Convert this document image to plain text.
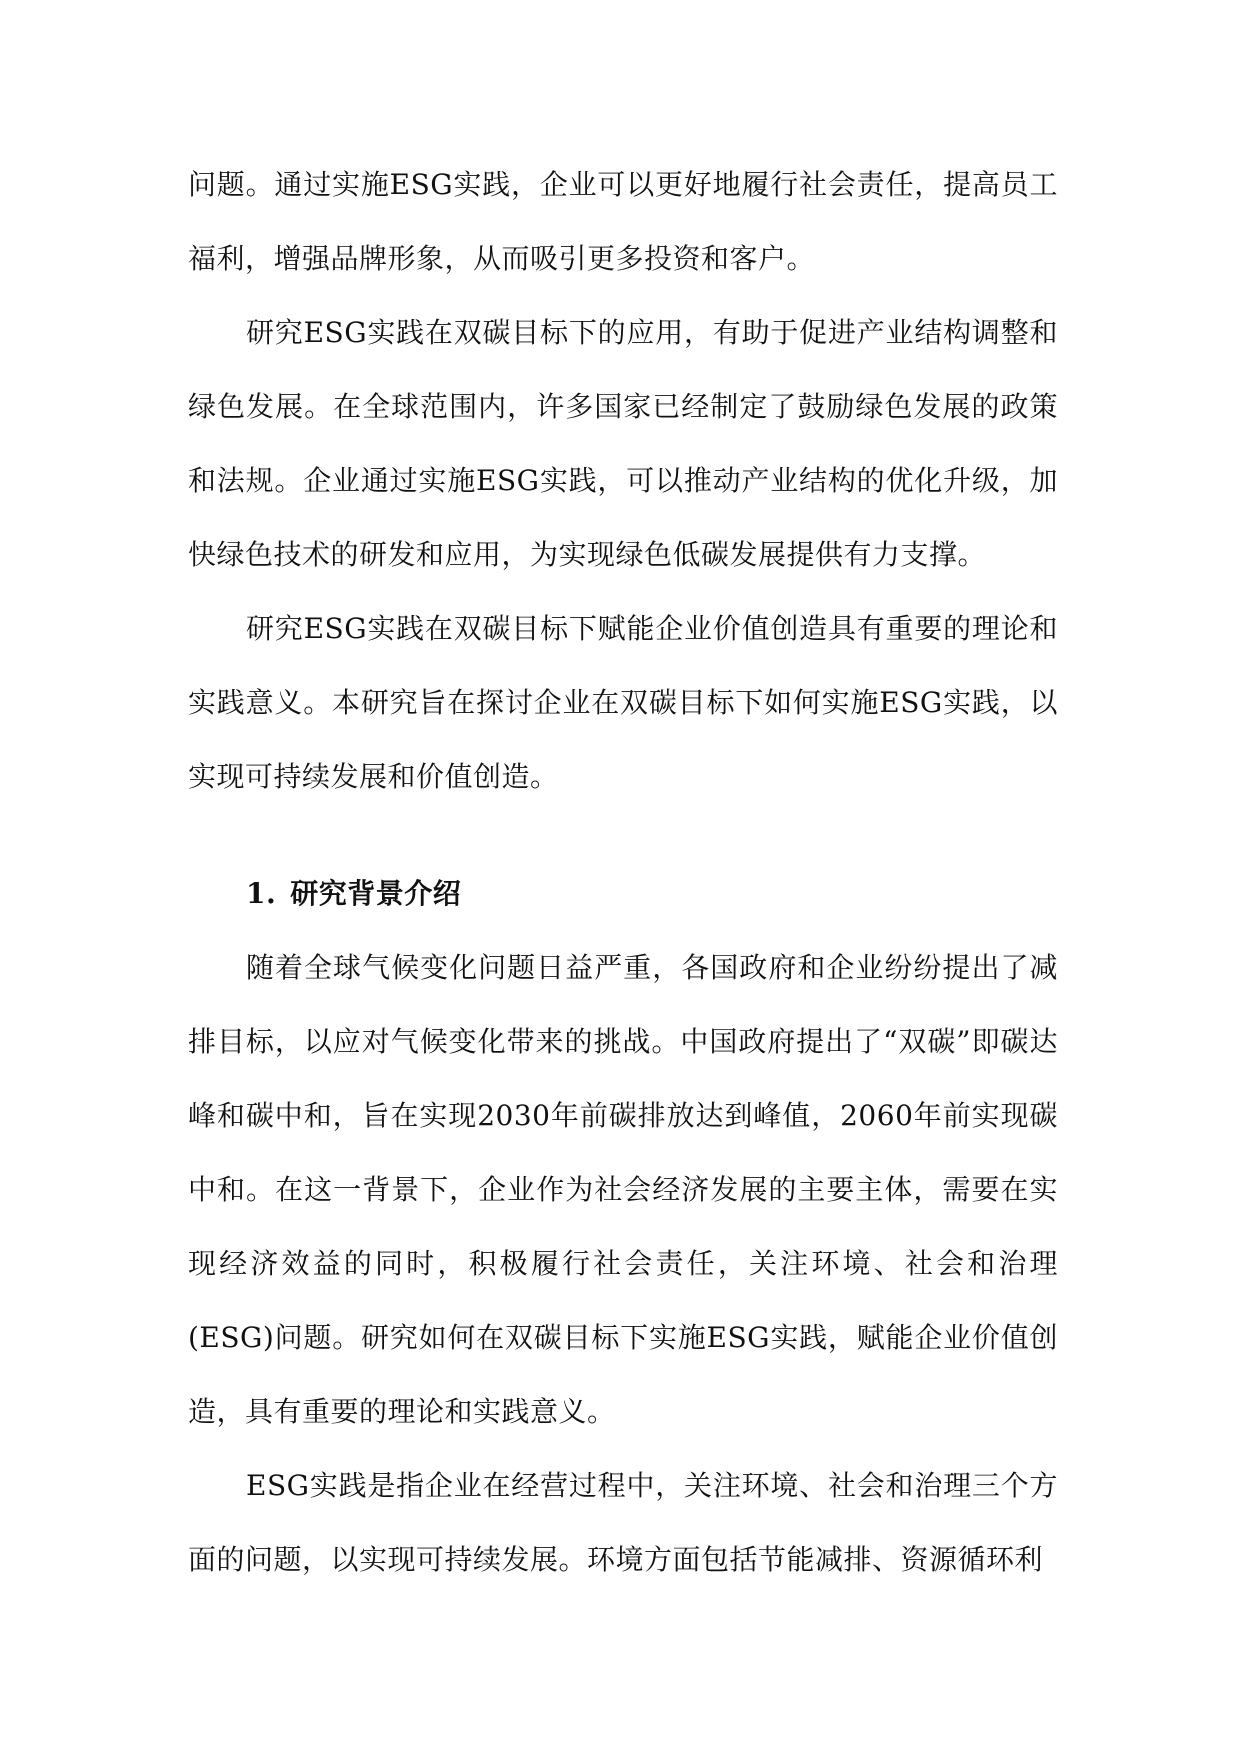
问题。通过实施ESG实践，企业可以更好地履行社会责任，提高员工福利，增强品牌形象，从而吸引更多投资和客户。

研究ESG实践在双碳目标下的应用，有助于促进产业结构调整和绿色发展。在全球范围内，许多国家已经制定了鼓励绿色发展的政策和法规。企业通过实施ESG实践，可以推动产业结构的优化升级，加快绿色技术的研发和应用，为实现绿色低碳发展提供有力支撑。

研究ESG实践在双碳目标下赋能企业价值创造具有重要的理论和实践意义。本研究旨在探讨企业在双碳目标下如何实施ESG实践，以实现可持续发展和价值创造。

1. 研究背景介绍

随着全球气候变化问题日益严重，各国政府和企业纷纷提出了减排目标，以应对气候变化带来的挑战。中国政府提出了“双碳”即碳达峰和碳中和，旨在实现2030年前碳排放达到峰值，2060年前实现碳中和。在这一背景下，企业作为社会经济发展的主要主体，需要在实现经济效益的同时，积极履行社会责任，关注环境、社会和治理(ESG)问题。研究如何在双碳目标下实施ESG实践，赋能企业价值创造，具有重要的理论和实践意义。

ESG实践是指企业在经营过程中，关注环境、社会和治理三个方面的问题，以实现可持续发展。环境方面包括节能减排、资源循环利
